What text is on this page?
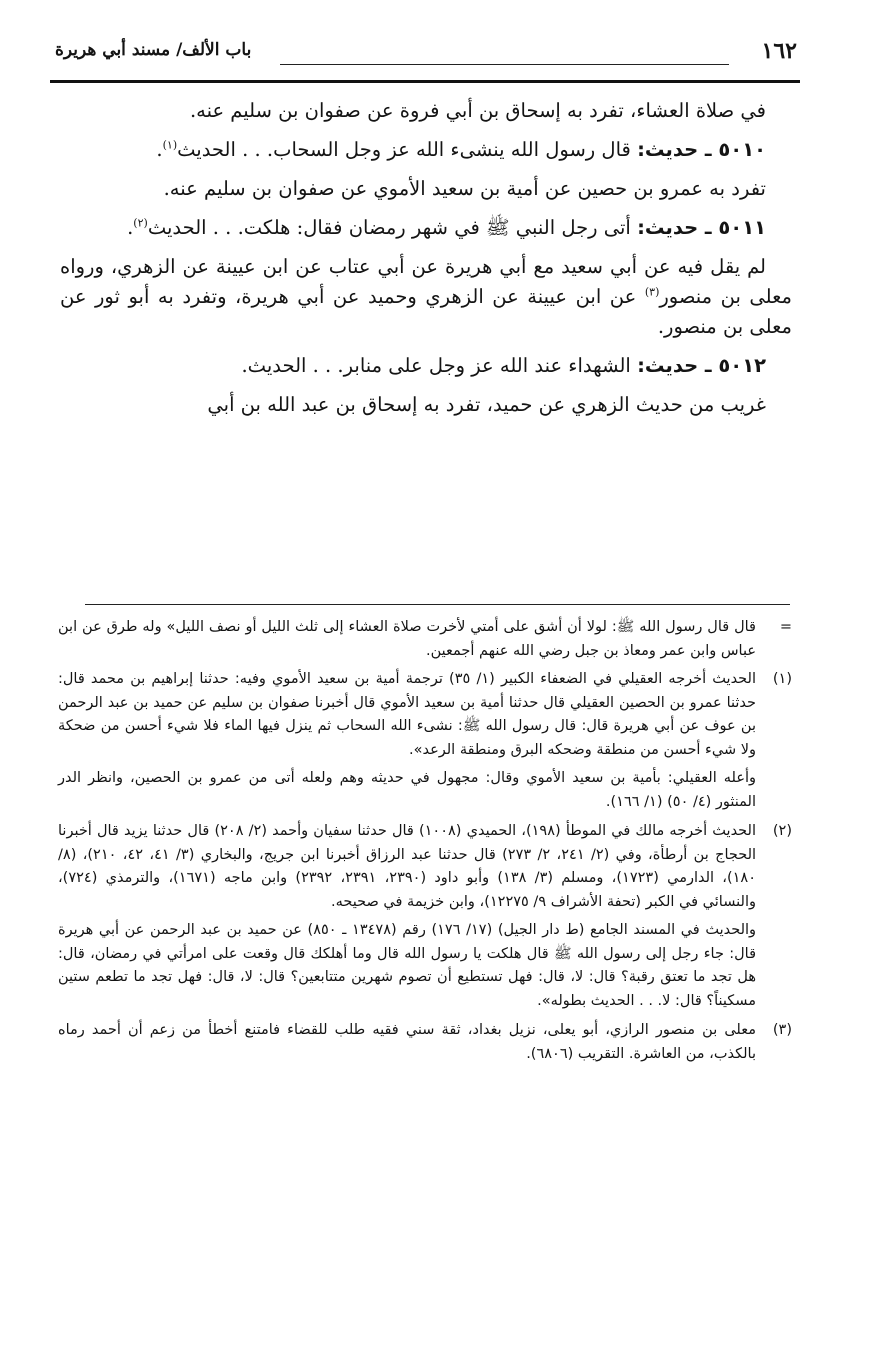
١٦٢
باب الألف/ مسند أبي هريرة

في صلاة العشاء، تفرد به إسحاق بن أبي فروة عن صفوان بن سليم عنه.

٥٠١٠ ـ حديث: قال رسول الله ينشىء الله عز وجل السحاب. . . الحديث$^{(١)}$.

تفرد به عمرو بن حصين عن أمية بن سعيد الأموي عن صفوان بن سليم عنه.

٥٠١١ ـ حديث: أتى رجل النبي ﷺ في شهر رمضان فقال: هلكت. . . الحديث$^{(٢)}$.

لم يقل فيه عن أبي سعيد مع أبي هريرة عن أبي عتاب عن ابن عيينة عن الزهري، ورواه معلى بن منصور$^{(٣)}$ عن ابن عيينة عن الزهري وحميد عن أبي هريرة، وتفرد به أبو ثور عن معلى بن منصور.

٥٠١٢ ـ حديث: الشهداء عند الله عز وجل على منابر. . . الحديث.

غريب من حديث الزهري عن حميد، تفرد به إسحاق بن عبد الله بن أبي

=

قال قال رسول الله ﷺ: لولا أن أشق على أمتي لأخرت صلاة العشاء إلى ثلث الليل أو نصف الليل» وله طرق عن ابن عباس وابن عمر ومعاذ بن جبل رضي الله عنهم أجمعين.

(١)

الحديث أخرجه العقيلي في الضعفاء الكبير (١/ ٣٥) ترجمة أمية بن سعيد الأموي وفيه: حدثنا إبراهيم بن محمد قال: حدثنا عمرو بن الحصين العقيلي قال حدثنا أمية بن سعيد الأموي قال أخبرنا صفوان بن سليم عن حميد بن عبد الرحمن بن عوف عن أبي هريرة قال: قال رسول الله ﷺ: نشىء الله السحاب ثم ينزل فيها الماء فلا شيء أحسن من ضحكة ولا شيء أحسن من منطقة وضحكه البرق ومنطقة الرعد».

وأعله العقيلي: بأمية بن سعيد الأموي وقال: مجهول في حديثه وهم ولعله أتى من عمرو بن الحصين، وانظر الدر المنثور (٤/ ٥٠) (١/ ١٦٦).

(٢)

الحديث أخرجه مالك في الموطأ (١٩٨)، الحميدي (١٠٠٨) قال حدثنا سفيان وأحمد (٢/ ٢٠٨) قال حدثنا يزيد قال أخبرنا الحجاج بن أرطأة، وفي (٢/ ٢٤١، ٢/ ٢٧٣) قال حدثنا عبد الرزاق أخبرنا ابن جريج، والبخاري (٣/ ٤١، ٤٢، ٢١٠)، (٨/ ١٨٠)، الدارمي (١٧٢٣)، ومسلم (٣/ ١٣٨) وأبو داود (٢٣٩٠، ٢٣٩١، ٢٣٩٢) وابن ماجه (١٦٧١)، والترمذي (٧٢٤)، والنسائي في الكبر (تحفة الأشراف ٩/ ١٢٢٧٥)، وابن خزيمة في صحيحه.

والحديث في المسند الجامع (ط دار الجيل) (١٧/ ١٧٦) رقم (١٣٤٧٨ ـ ٨٥٠) عن حميد بن عبد الرحمن عن أبي هريرة قال: جاء رجل إلى رسول الله ﷺ قال هلكت يا رسول الله قال وما أهلكك قال وقعت على امرأتي في رمضان، قال: هل تجد ما تعتق رقبة؟ قال: لا، قال: فهل تستطيع أن تصوم شهرين متتابعين؟ قال: لا، قال: فهل تجد ما تطعم ستين مسكيناً؟ قال: لا. . . الحديث بطوله».

(٣)

معلى بن منصور الرازي، أبو يعلى، نزيل بغداد، ثقة سني فقيه طلب للقضاء فامتنع أخطأ من زعم أن أحمد رماه بالكذب، من العاشرة. التقريب (٦٨٠٦).
